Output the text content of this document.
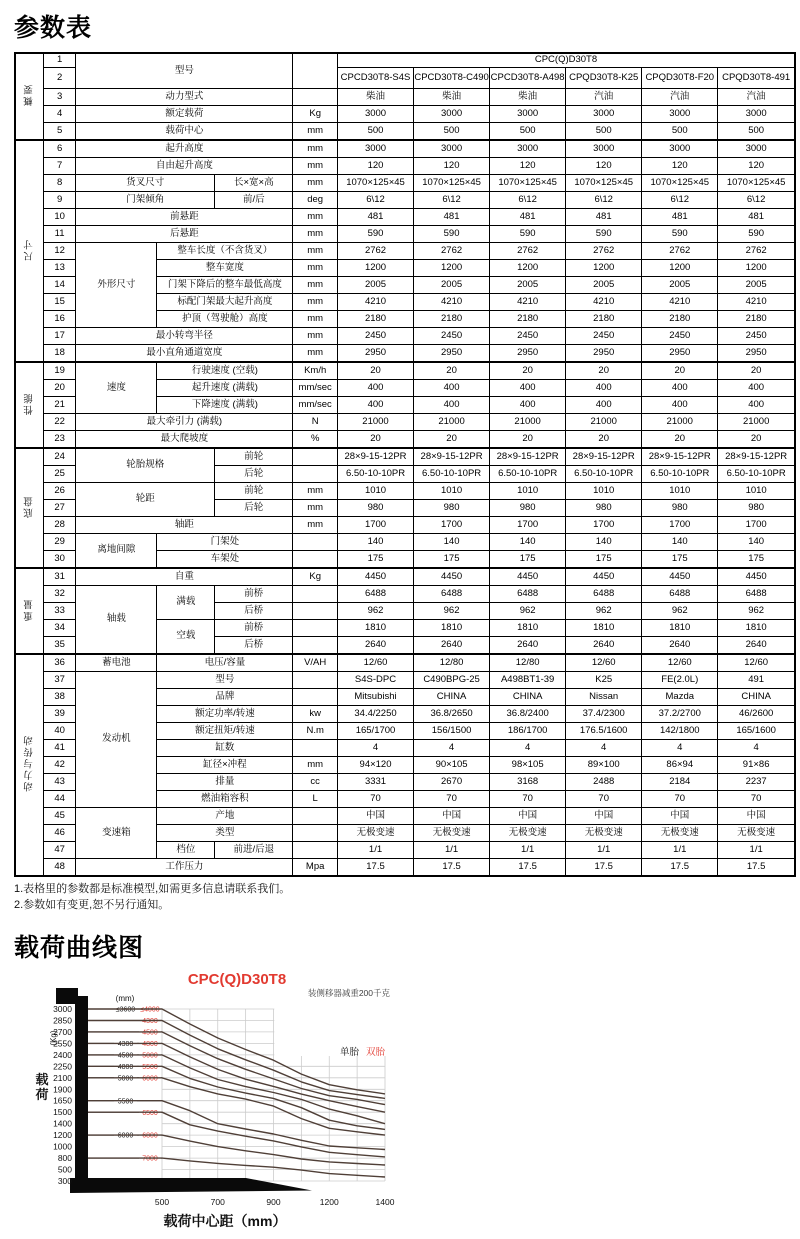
参数表
概要	1	型号				CPC(Q)D30T8					
	2					CPCD30T8-S4S	CPCD30T8-C490	CPCD30T8-A498	CPQD30T8-K25	CPQD30T8-F20	CPQD30T8-491
	3	动力型式				柴油	柴油	柴油	汽油	汽油	汽油
	4	额定载荷			Kg	3000	3000	3000	3000	3000	3000
	5	载荷中心			mm	500	500	500	500	500	500
尺寸	6	起升高度			mm	3000	3000	3000	3000	3000	3000
	7	自由起升高度			mm	120	120	120	120	120	120
	8	货叉尺寸		长×宽×高	mm	1070×125×45	1070×125×45	1070×125×45	1070×125×45	1070×125×45	1070×125×45
	9	门架倾角		前/后	deg	6\12	6\12	6\12	6\12	6\12	6\12
	10	前悬距			mm	481	481	481	481	481	481
	11	后悬距			mm	590	590	590	590	590	590
	12	外形尺寸	整车长度（不含货叉）		mm	2762	2762	2762	2762	2762	2762
	13		整车宽度		mm	1200	1200	1200	1200	1200	1200
	14		门架下降后的整车最低高度		mm	2005	2005	2005	2005	2005	2005
	15		标配门架最大起升高度		mm	4210	4210	4210	4210	4210	4210
	16		护顶（驾驶舱）高度		mm	2180	2180	2180	2180	2180	2180
	17	最小转弯半径			mm	2450	2450	2450	2450	2450	2450
	18	最小直角通道宽度			mm	2950	2950	2950	2950	2950	2950
性能	19	速度	行驶速度 (空载)		Km/h	20	20	20	20	20	20
	20		起升速度 (满载)		mm/sec	400	400	400	400	400	400
	21		下降速度 (满载)		mm/sec	400	400	400	400	400	400
	22	最大牵引力 (满载)			N	21000	21000	21000	21000	21000	21000
	23	最大爬坡度			%	20	20	20	20	20	20
底盘	24	轮胎规格		前轮		28×9-15-12PR	28×9-15-12PR	28×9-15-12PR	28×9-15-12PR	28×9-15-12PR	28×9-15-12PR
	25			后轮		6.50-10-10PR	6.50-10-10PR	6.50-10-10PR	6.50-10-10PR	6.50-10-10PR	6.50-10-10PR
	26	轮距		前轮	mm	1010	1010	1010	1010	1010	1010
	27			后轮	mm	980	980	980	980	980	980
	28	轴距			mm	1700	1700	1700	1700	1700	1700
	29	离地间隙	门架处			140	140	140	140	140	140
	30		车架处			175	175	175	175	175	175
重量	31	自重			Kg	4450	4450	4450	4450	4450	4450
	32	轴载	满载	前桥		6488	6488	6488	6488	6488	6488
	33			后桥		962	962	962	962	962	962
	34		空载	前桥		1810	1810	1810	1810	1810	1810
	35			后桥		2640	2640	2640	2640	2640	2640
动力与传动	36	蓄电池	电压/容量		V/AH	12/60	12/80	12/80	12/60	12/60	12/60
	37	发动机	型号			S4S-DPC	C490BPG-25	A498BT1-39	K25	FE(2.0L)	491
	38		品牌			Mitsubishi	CHINA	CHINA	Nissan	Mazda	CHINA
	39		额定功率/转速		kw	34.4/2250	36.8/2650	36.8/2400	37.4/2300	37.2/2700	46/2600
	40		额定扭矩/转速		N.m	165/1700	156/1500	186/1700	176.5/1600	142/1800	165/1600
	41		缸数			4	4	4	4	4	4
	42		缸径×冲程		mm	94×120	90×105	98×105	89×100	86×94	91×86
	43		排量		cc	3331	2670	3168	2488	2184	2237
	44		燃油箱容积		L	70	70	70	70	70	70
	45	变速箱	产地			中国	中国	中国	中国	中国	中国
	46		类型			无极变速	无极变速	无极变速	无极变速	无极变速	无极变速
	47		档位	前进/后退		1/1	1/1	1/1	1/1	1/1	1/1
	48	工作压力			Mpa	17.5	17.5	17.5	17.5	17.5	17.5
1.表格里的参数都是标准模型,如需更多信息请联系我们。
2.参数如有变更,恕不另行通知。
载荷曲线图
≤3600 ≤4000
4300
4500
4300 4800
4500 5000
4800 5500
5000 6000
5500
6500
6000 6800
7000
3000
2850
2700
2550
2400
2250
2100
1900
1650
1500
1400
1200
1000
800
500
300
500	700	900	1200	1400
CPC(Q)D30T8
装侧移器减重200千克
单胎 双胎
(mm)
(Kg)
载
荷
载荷中心距（mm）
